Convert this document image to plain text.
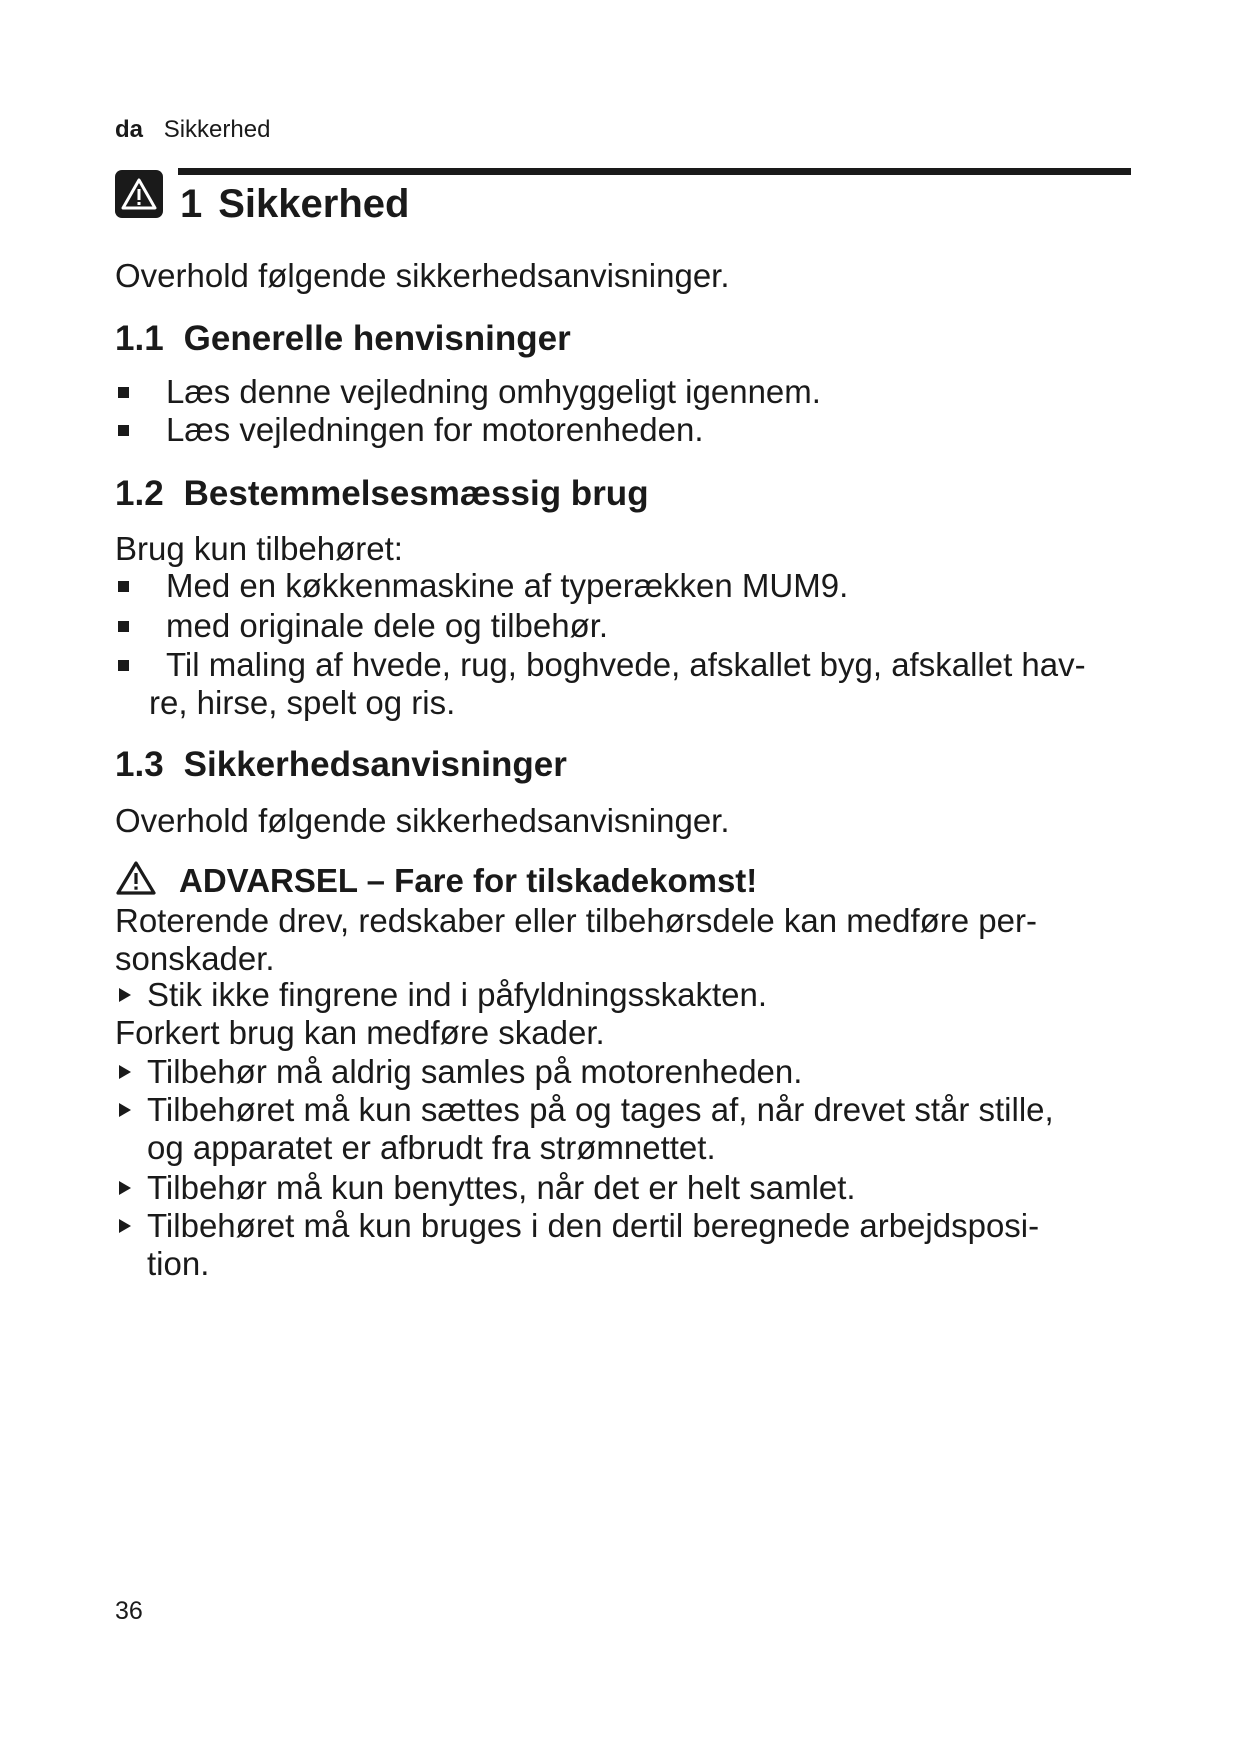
da Sikkerhed
1 Sikkerhed

Overhold følgende sikkerhedsanvisninger.

1.1 Generelle henvisninger
Læs denne vejledning omhyggeligt igennem.
Læs vejledningen for motorenheden.
1.2 Bestemmelsesmæssig brug

Brug kun tilbehøret:

Med en køkkenmaskine af typerækken MUM9.
med originale dele og tilbehør.
Til maling af hvede, rug, boghvede, afskallet byg, afskallet hav-
re, hirse, spelt og ris.
1.3 Sikkerhedsanvisninger

Overhold følgende sikkerhedsanvisninger.

ADVARSEL – Fare for tilskadekomst!

Roterende drev, redskaber eller tilbehørsdele kan medføre per-

sonskader.

Stik ikke fingrene ind i påfyldningsskakten.

Forkert brug kan medføre skader.

Tilbehør må aldrig samles på motorenheden.
Tilbehøret må kun sættes på og tages af, når drevet står stille,
og apparatet er afbrudt fra strømnettet.
Tilbehør må kun benyttes, når det er helt samlet.
Tilbehøret må kun bruges i den dertil beregnede arbejdsposi-
tion.
36
